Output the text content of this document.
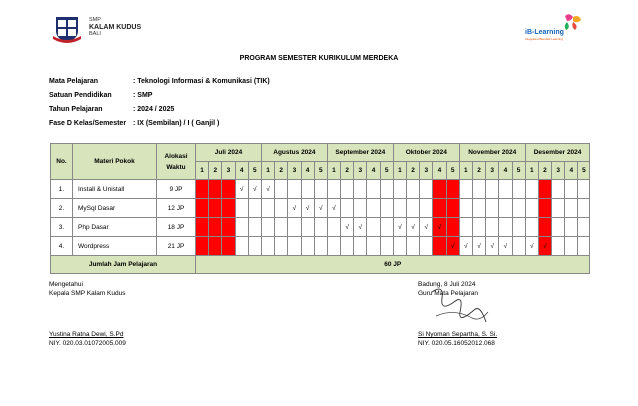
SMP
KALAM KUDUS
BALI	iB-Learning
Integrated Blended Learning
PROGRAM SEMESTER KURIKULUM MERDEKA
Mata Pelajaran	: Teknologi Informasi & Komunikasi (TIK)
Satuan Pendidikan	: SMP
Tahun Pelajaran	: 2024 / 2025
Fase D Kelas/Semester : IX (Sembilan) / I ( Ganjil )
No.	Materi Pokok	Alokasi Waktu	Juli 2024					Agustus 2024					September 2024					Oktober 2024					November 2024					Desember 2024				
			1	2	3	4	5	1	2	3	4	5	1	2	3	4	5	1	2	3	4	5	1	2	3	4	5	1	2	3	4	5
1.	Install & Unistall	9 JP				√	√	√																								
2.	MySql Dasar	12 JP								√	√	√	√																			
3.	Php Dasar	18 JP												√	√			√	√	√	√											
4.	Wordpress	21 JP																				√	√	√	√	√		√	√			
Jumlah Jam Pelajaran			60 JP																													
Mengetahui
Kepala SMP Kalam Kudus
Yustina Ratna Dewi, S.Pd
NIY. 020.03.01072005.009
Badung, 8 Juli 2024
Guru Mata Pelajaran
Si Nyoman Separtha, S. Si.
NIY. 020.05.16052012.068
